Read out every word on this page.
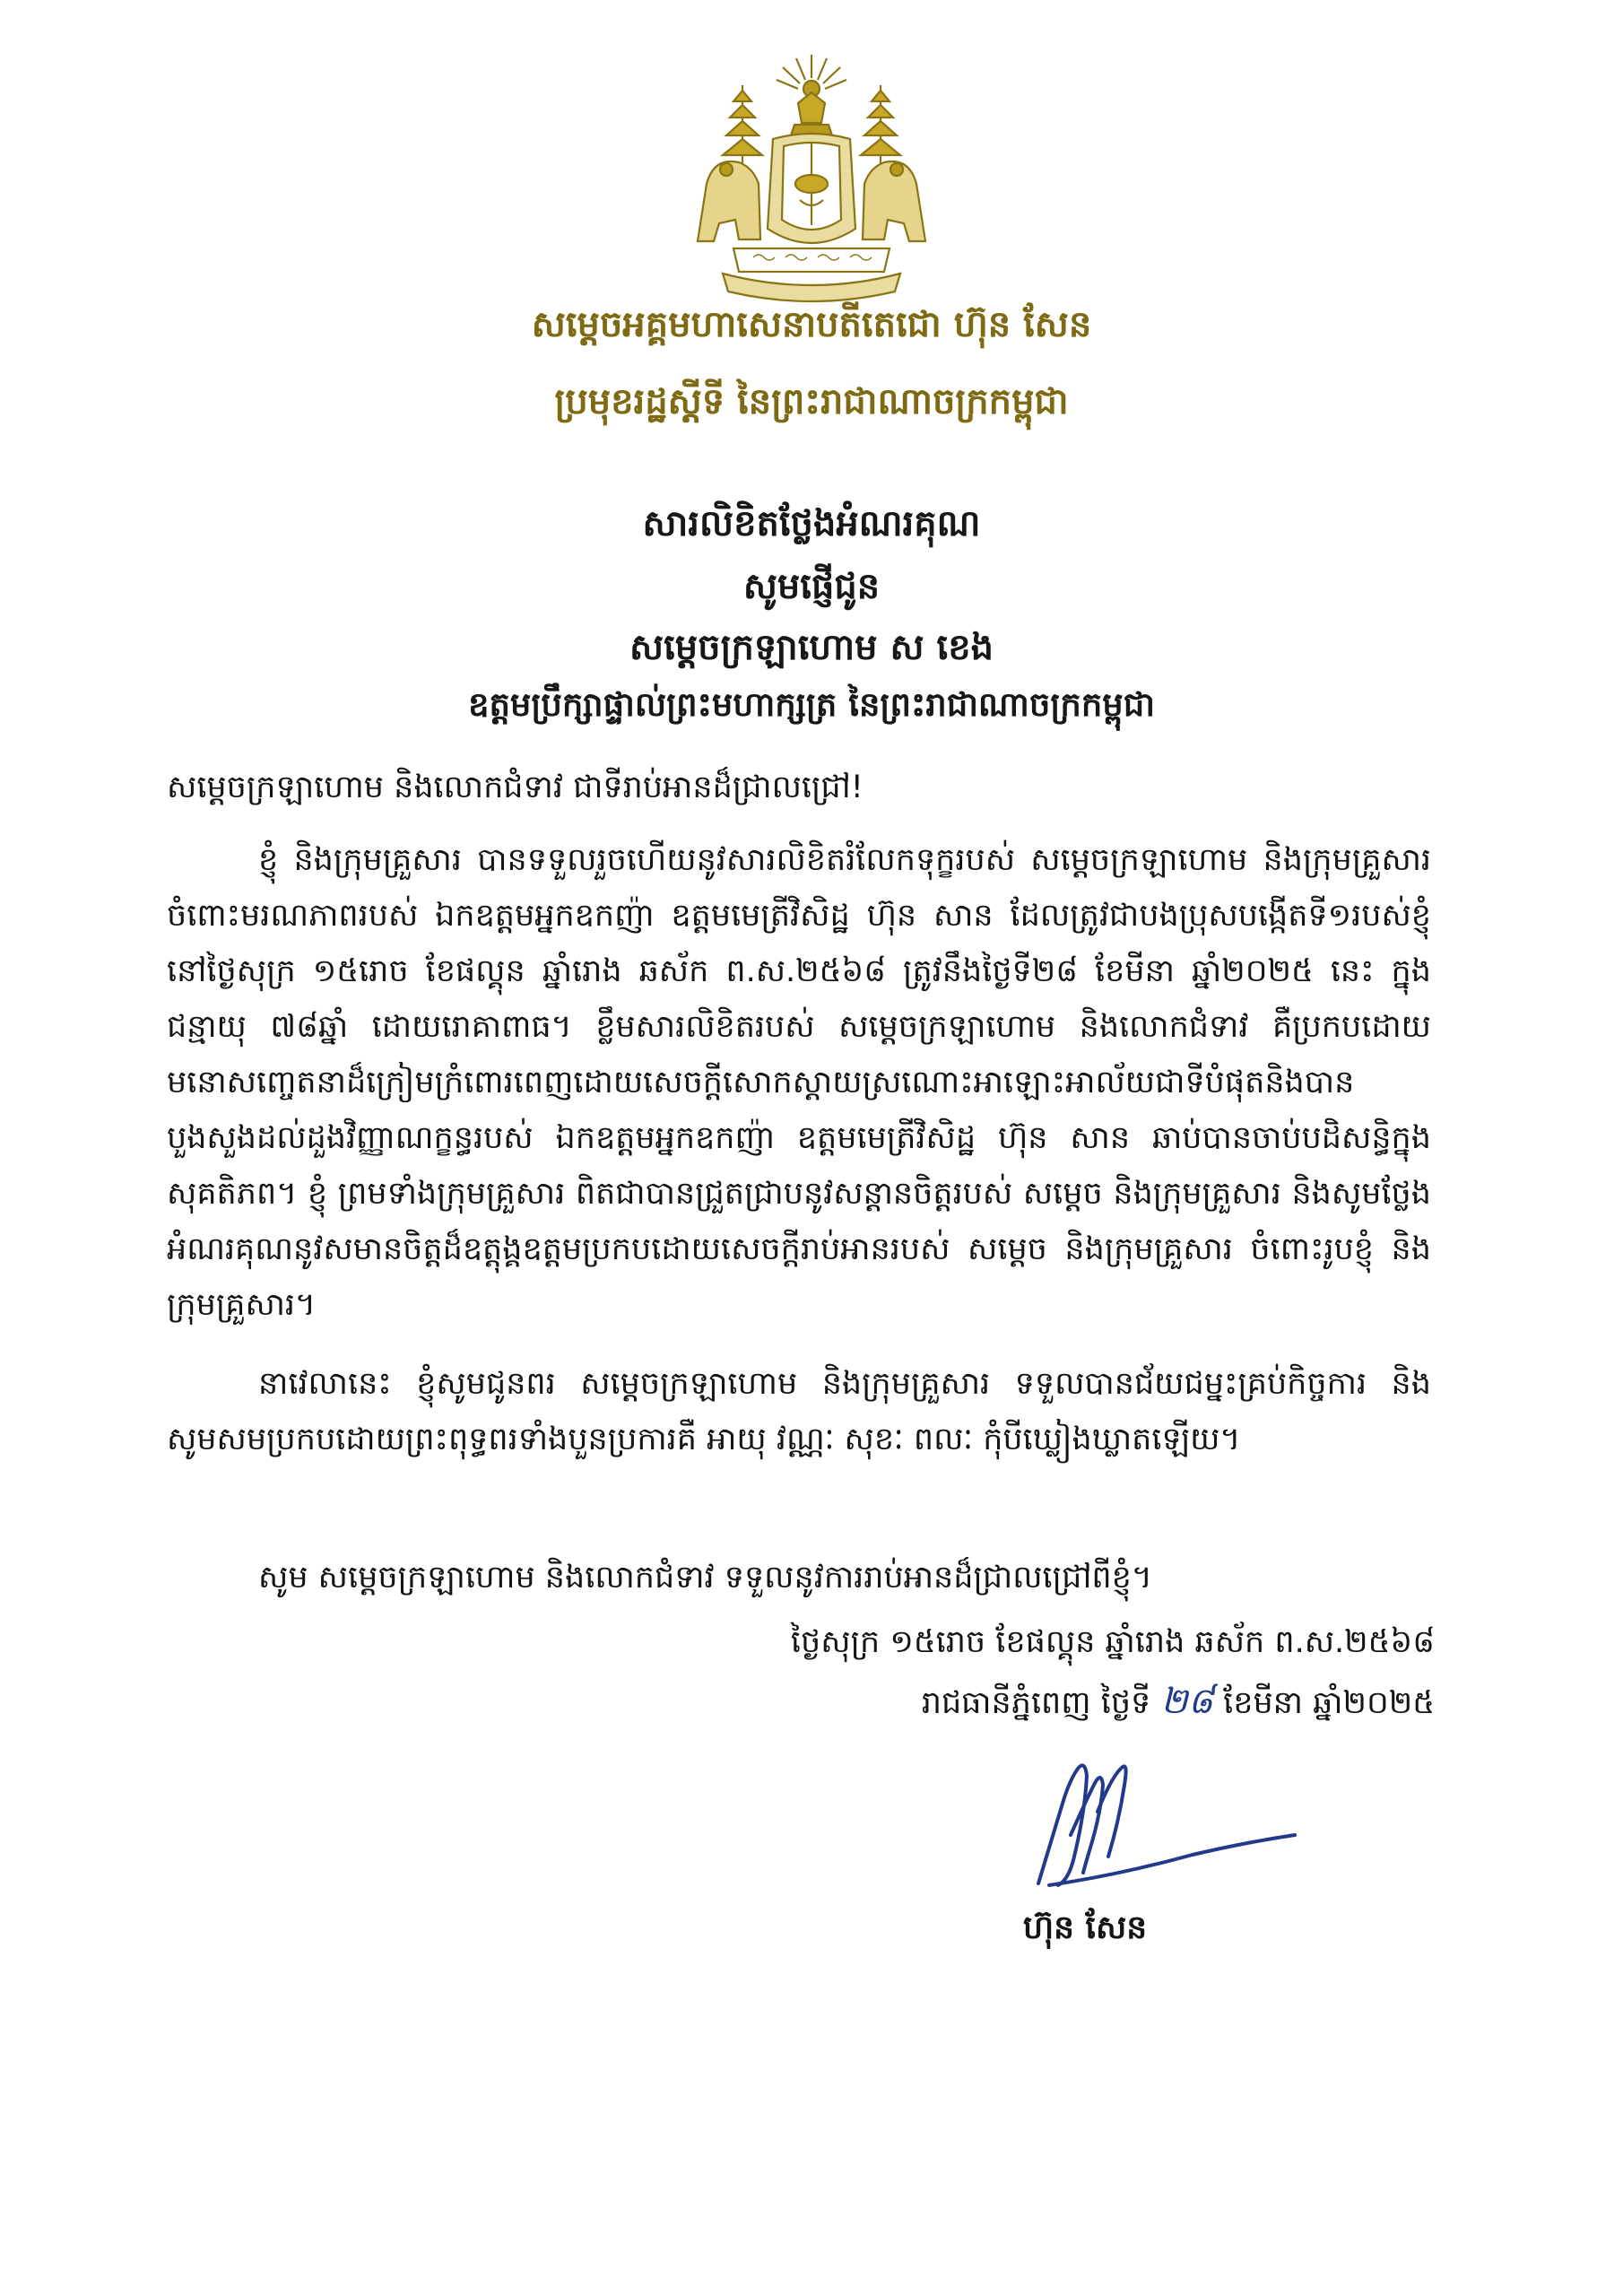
សម្ដេចអគ្គមហាសេនាបតីតេជោ ហ៊ុន សែន
ប្រមុខរដ្ឋស្ដីទី នៃព្រះរាជាណាចក្រកម្ពុជា
សារលិខិតថ្លែងអំណរគុណ
សូមផ្ញើជូន
សម្ដេចក្រឡាហោម ស ខេង
ឧត្តមប្រឹក្សាផ្ទាល់ព្រះមហាក្សត្រ នៃព្រះរាជាណាចក្រកម្ពុជា
សម្តេចក្រឡាហោម និងលោកជំទាវ ជាទីរាប់អានដ៏ជ្រាលជ្រៅ!

ខ្ញុំ និងក្រុមគ្រួសារ បានទទួលរួចហើយនូវសារលិខិតរំលែកទុក្ខរបស់ សម្តេចក្រឡាហោម និងក្រុមគ្រួសារ ចំពោះមរណភាពរបស់ ឯកឧត្តមអ្នកឧកញ៉ា ឧត្តមមេត្រីវិសិដ្ឋ ហ៊ុន សាន ដែលត្រូវជាបងប្រុសបង្កើតទី១របស់ខ្ញុំ នៅថ្ងៃសុក្រ ១៥រោច ខែផល្គុន ឆ្នាំរោង ឆស័ក ព.ស.២៥៦៨ ត្រូវនឹងថ្ងៃទី២៨ ខែមីនា ឆ្នាំ២០២៥ នេះ ក្នុងជន្មាយុ ៧៨ឆ្នាំ ដោយរោគាពាធ។ ខ្លឹមសារលិខិតរបស់ សម្តេចក្រឡាហោម និងលោកជំទាវ គឺប្រកបដោយមនោសញ្ចេតនាដ៏ក្រៀមក្រំពោរពេញដោយសេចក្តីសោកស្តាយស្រណោះអាឡោះអាល័យជាទីបំផុតនិងបានបួងសួងដល់ដួងវិញ្ញាណក្ខន្ធរបស់ ឯកឧត្តមអ្នកឧកញ៉ា ឧត្តមមេត្រីវិសិដ្ឋ ហ៊ុន សាន ឆាប់បានចាប់បដិសន្ធិក្នុងសុគតិភព។ ខ្ញុំ ព្រមទាំងក្រុមគ្រួសារ ពិតជាបានជ្រួតជ្រាបនូវសន្តានចិត្តរបស់ សម្តេច និងក្រុមគ្រួសារ និងសូមថ្លែងអំណរគុណនូវសមានចិត្តដ៏ឧត្តុង្គឧត្តមប្រកបដោយសេចក្តីរាប់អានរបស់ សម្តេច និងក្រុមគ្រួសារ ចំពោះរូបខ្ញុំ និងក្រុមគ្រួសារ។

នាវេលានេះ ខ្ញុំសូមជូនពរ សម្តេចក្រឡាហោម និងក្រុមគ្រួសារ ទទួលបានជ័យជម្នះគ្រប់កិច្ចការ និងសូមសមប្រកបដោយព្រះពុទ្ធពរទាំងបួនប្រការគឺ អាយុ វណ្ណៈ សុខៈ ពលៈ កុំបីឃ្លៀងឃ្លាតឡើយ។

សូម សម្តេចក្រឡាហោម និងលោកជំទាវ ទទួលនូវការរាប់អានដ៏ជ្រាលជ្រៅពីខ្ញុំ។

ថ្ងៃសុក្រ ១៥រោច ខែផល្គុន ឆ្នាំរោង ឆស័ក ព.ស.២៥៦៨
រាជធានីភ្នំពេញ ថ្ងៃទី ២៨ ខែមីនា ឆ្នាំ២០២៥
ហ៊ុន សែន
